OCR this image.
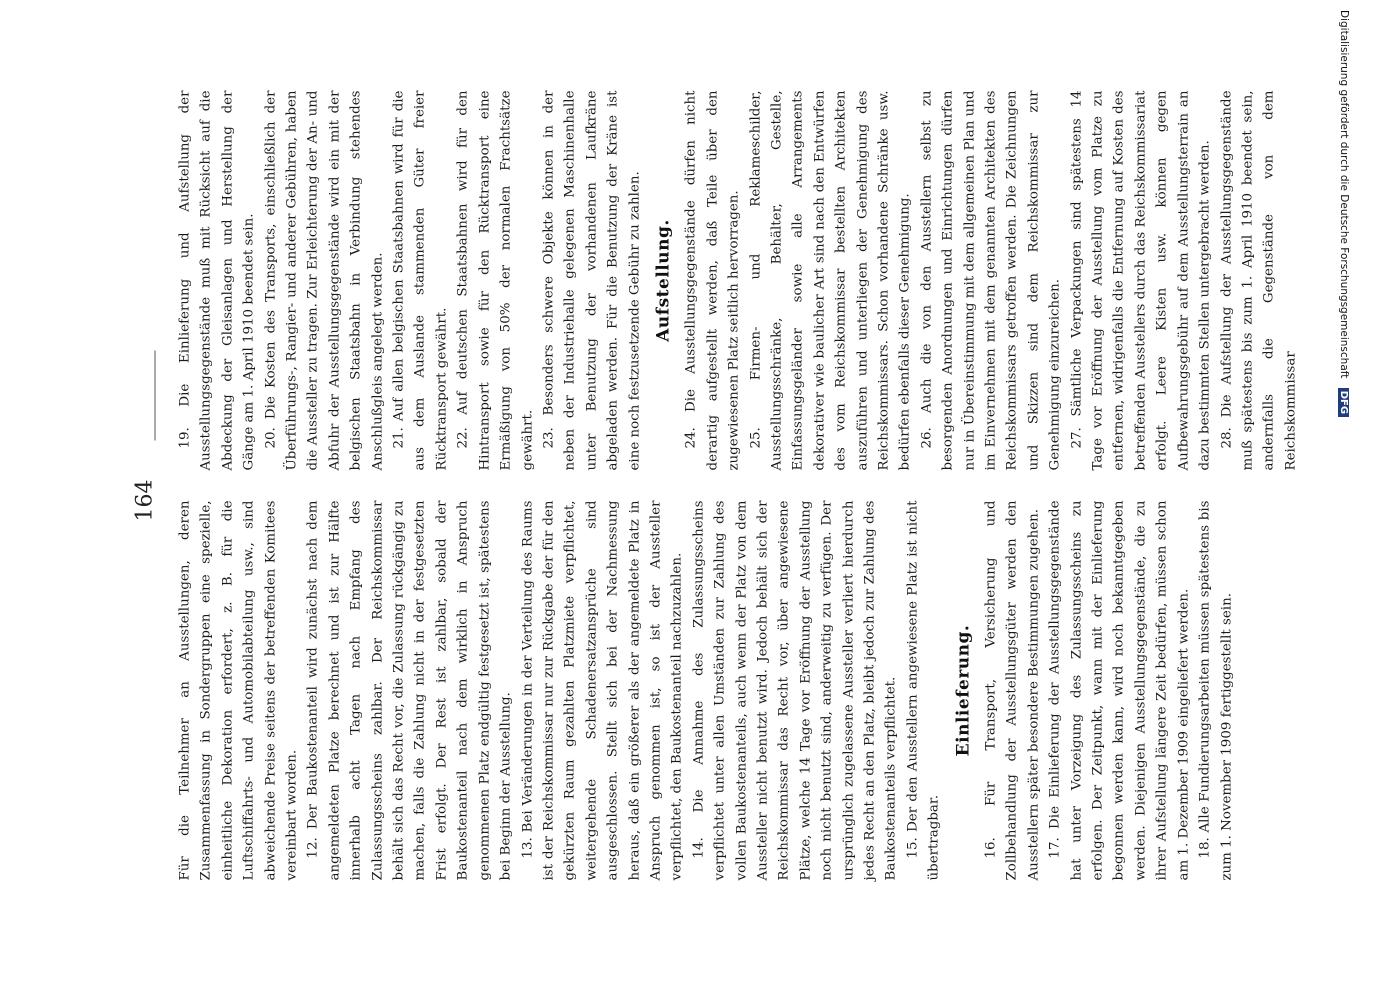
164 Für die Teilnehmer an Ausstellungen, deren Zusammenfassung in Sondergruppen eine spezielle, einheitliche Dekoration erfordert, z. B. für die Luftschiffahrts- und Automobilabteilung usw., sind abweichende Preise seitens der betreffenden Komitees vereinbart worden. 12. Der Baukostenanteil wird zunächst nach dem angemeldeten Platze berechnet und ist zur Hälfte innerhalb acht Tagen nach Empfang des Zulassungsscheins zahlbar. Der Reichskommissar behält sich das Recht vor, die Zulassung rückgängig zu machen, falls die Zahlung nicht in der festgesetzten Frist erfolgt. Der Rest ist zahlbar, sobald der Baukostenanteil nach dem wirklich in Anspruch genommenen Platz endgültig festgesetzt ist, spätestens bei Beginn der Ausstellung. 13. Bei Veränderungen in der Verteilung des Raums ist der Reichskommissar nur zur Rückgabe der für den gekürzten Raum gezahlten Platzmiete verpflichtet, weitergehende Schadenersatzansprüche sind ausgeschlossen. Stellt sich bei der Nachmessung heraus, daß ein größerer als der angemeldete Platz in Anspruch genommen ist, so ist der Aussteller verpflichtet, den Baukostenanteil nachzuzahlen. 14. Die Annahme des Zulassungsscheins verpflichtet unter allen Umständen zur Zahlung des vollen Baukostenanteils, auch wenn der Platz von dem Aussteller nicht benutzt wird. Jedoch behält sich der Reichskommissar das Recht vor, über angewiesene Plätze, welche 14 Tage vor Eröffnung der Ausstellung noch nicht benutzt sind, anderweitig zu verfügen. Der ursprünglich zugelassene Aussteller verliert hierdurch jedes Recht an den Platz, bleibt jedoch zur Zahlung des Baukostenanteils verpflichtet. 15. Der den Ausstellern angewiesene Platz ist nicht übertragbar.

Einlieferung. 16. Für Transport, Versicherung und Zollbehandlung der Ausstellungsgüter werden den Ausstellern später besondere Bestimmungen zugehen. 17. Die Einlieferung der Ausstellungsgegenstände hat unter Vorzeigung des Zulassungsscheins zu erfolgen. Der Zeitpunkt, wann mit der Einlieferung begonnen werden kann, wird noch bekanntgegeben werden. Diejenigen Ausstellungsgegenstände, die zu ihrer Aufstellung längere Zeit bedürfen, müssen schon am 1. Dezember 1909 eingeliefert werden. 18. Alle Fundierungsarbeiten müssen spätestens bis zum 1. November 1909 fertiggestellt sein.

19. Die Einlieferung und Aufstellung der Ausstellungsgegenstände muß mit Rücksicht auf die Abdeckung der Gleisanlagen und Herstellung der Gänge am 1. April 1910 beendet sein. 20. Die Kosten des Transports, einschließlich der Überführungs-, Rangier- und anderer Gebühren, haben die Aussteller zu tragen. Zur Erleichterung der An- und Abfuhr der Ausstellungsgegenstände wird ein mit der belgischen Staatsbahn in Verbindung stehendes Anschlußgleis angelegt werden. 21. Auf allen belgischen Staatsbahnen wird für die aus dem Auslande stammenden Güter freier Rücktransport gewährt. 22. Auf deutschen Staatsbahnen wird für den Hintransport sowie für den Rücktransport eine Ermäßigung von 50% der normalen Frachtsätze gewährt. 23. Besonders schwere Objekte können in der neben der Industriehalle gelegenen Maschinenhalle unter Benutzung der vorhandenen Laufkräne abgeladen werden. Für die Benutzung der Kräne ist eine noch festzusetzende Gebühr zu zahlen. Aufstellung. 24. Die Ausstellungsgegenstände dürfen nicht derartig aufgestellt werden, daß Teile über den zugewiesenen Platz seitlich hervorragen. 25. Firmen- und Reklameschilder, Ausstellungsschränke, Behälter, Gestelle, Einfassungsgeländer sowie alle Arrangements dekorativer wie baulicher Art sind nach den Entwürfen des vom Reichskommissar bestellten Architekten auszuführen und unterliegen der Genehmigung des Reichskommissars. Schon vorhandene Schränke usw. bedürfen ebenfalls dieser Genehmigung. 26. Auch die von den Ausstellern selbst zu besorgenden Anordnungen und Einrichtungen dürfen nur in Übereinstimmung mit dem allgemeinen Plan und im Einvernehmen mit dem genannten Architekten des Reichskommissars getroffen werden. Die Zeichnungen und Skizzen sind dem Reichskommissar zur Genehmigung einzureichen. 27. Sämtliche Verpackungen sind spätestens 14 Tage vor Eröffnung der Ausstellung vom Platze zu entfernen, widrigenfalls die Entfernung auf Kosten des betreffenden Ausstellers durch das Reichskommissariat erfolgt. Leere Kisten usw. können gegen Aufbewahrungsgebühr auf dem Ausstellungsterrain an dazu bestimmten Stellen untergebracht werden. 28. Die Aufstellung der Ausstellungsgegenstände muß spätestens bis zum 1. April 1910 beendet sein, andernfalls die Gegenstände von dem Reichskommissar

Digitalisierung gefördert durch die Deutsche Forschungsgemeinschaft DFG
